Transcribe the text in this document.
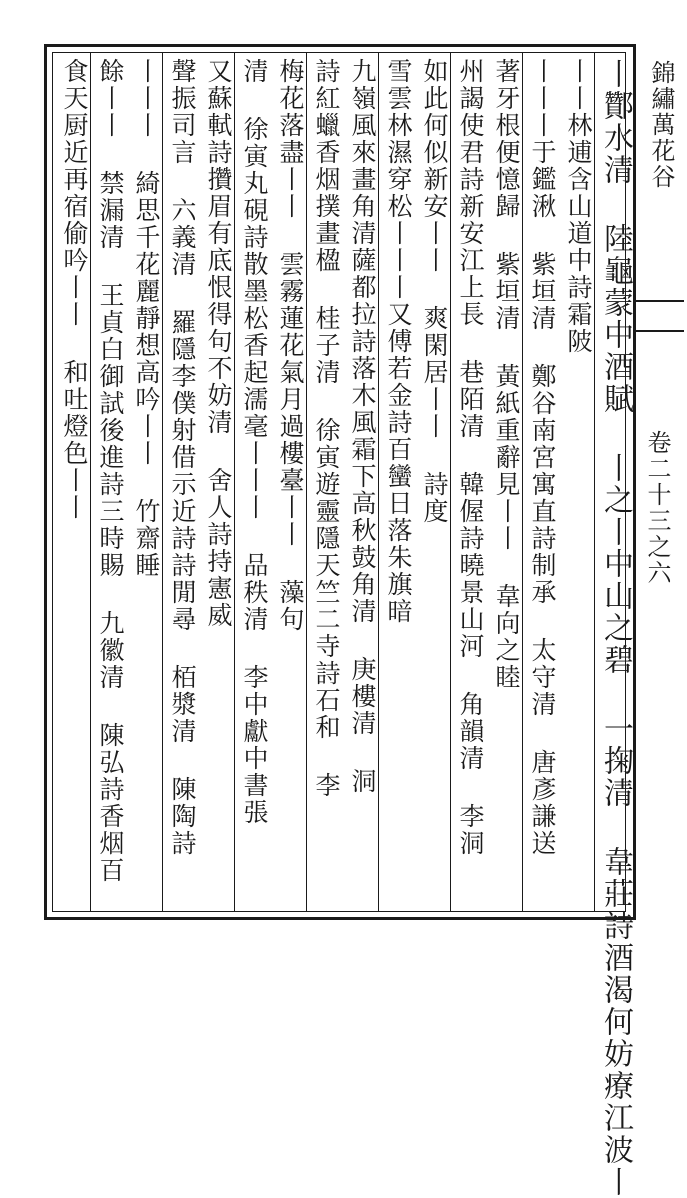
錦繡萬花谷
卷二十三之六
丨酇水清 陸龜蒙中酒賦 丨之丨中山之碧 一掬清 韋莊詩酒渴何妨療江波丨
丨丨林逋含山道中詩霜陂
丨丨丨于鑑湫 紫垣清 鄭谷南宮寓直詩制承 太守清 唐彥謙送
著牙根便憶歸 紫垣清 黃紙重辭見丨丨 韋向之睦
州謁使君詩新安江上長 巷陌清 韓偓詩曉景山河 角韻清 李洞
如此何似新安丨丨 爽閑居丨丨 詩度
雪雲林濕穿松丨丨丨又傅若金詩百蠻日落朱旗暗
九嶺風來畫角清薩都拉詩落木風霜下高秋鼓角清 庚樓清 洞
詩紅蠟香烟撲畫楹 桂子清 徐寅遊靈隱天竺二寺詩石和 李
梅花落盡丨丨 雲霧蓮花氣月過樓臺丨丨 藻句
清 徐寅丸硯詩散墨松香起濡毫丨丨丨 品秩清 李中獻中書張
又蘇軾詩攢眉有底恨得句不妨清 舍人詩持憲威
聲振司言 六義清 羅隱李僕射借示近詩詩閒尋 栢漿清 陳陶詩
丨丨丨 綺思千花麗靜想高吟丨丨 竹齋睡
餘丨丨 禁漏清 王貞白御試後進詩三時賜 九徽清 陳弘詩香烟百
食天厨近再宿偷吟丨丨 和吐燈色丨丨
